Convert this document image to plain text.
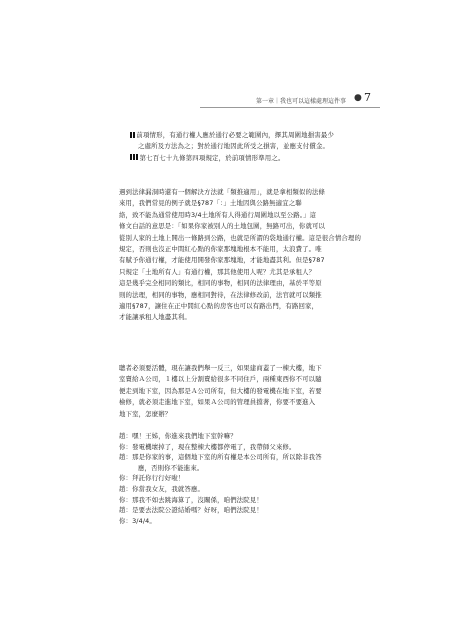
第一章｜我也可以這樣處理這件事 ● 7

前項情形，有通行權人應於通行必要之範圍內，擇其周圍地損害最少

之處所及方法為之；對於通行地因此所受之損害，並應支付償金。

第七百七十九條第四項規定，於前項情形準用之。

遇到法律漏洞時還有一個解決方法就「類推適用」，就是拿相類似的法條

來用，我們常見的例子就是§787「：」土地因與公路無適宜之聯

絡，致不能為通常使用時3/4土地所有人得通行周圍地以至公路。」這

條文白話的意思是：「如果你家被別人的土地包圍，無路可出，你就可以

從別人家的土地上開出一條路到公路，也就是所謂的袋地通行權。這是很合情合理的

規定，否則也沒正中間紅心點的你家那塊地根本不能用，太浪費了。唯

有賦予你通行權，才能使用開發你家那塊地，才能地盡其利。但是§787

只規定「土地所有人」有通行權，那其他使用人呢？尤其是承租人？

這是幾乎完全相同的類比，相同的事物，相同的法律理由，基於平等原

則的法理，相同的事物，應相同對待，在法律修改前，法官就可以類推

適用§787，讓住在正中間紅心點的房客也可以有路出門，有路回家，

才能讓承租人地盡其利。

聰者必須要活體，現在讓我們舉一反三，如果建商蓋了一棟大樓，地下

室賣給Ａ公司，１樓以上分割賣給很多不同住戶，兩種東西你不可以隨

便走到地下室，因為那是Ａ公司所有，但大樓的發電機在地下室，若要

檢修，就必須走進地下室，如果Ａ公司的管理員擋著，你要不要進入

地下室，怎麼辦？

趙：嘿！王姊，你進來我們地下室幹嘛？

你：發電機壞掉了，現在整棟大樓都停電了，我帶師父來修。

趙：那是你家的事，這個地下室的所有權是本公司所有，所以除非我答

應，否則你不能進來。

你：拜託你行行好啦！

趙：你當我女友，我就答應。

你：那我不如去跳海算了，沒關係，咱們法院見！

趙：是要去法院公證結婚嗎？好呀，咱們法院見！

你：3/4/4。
